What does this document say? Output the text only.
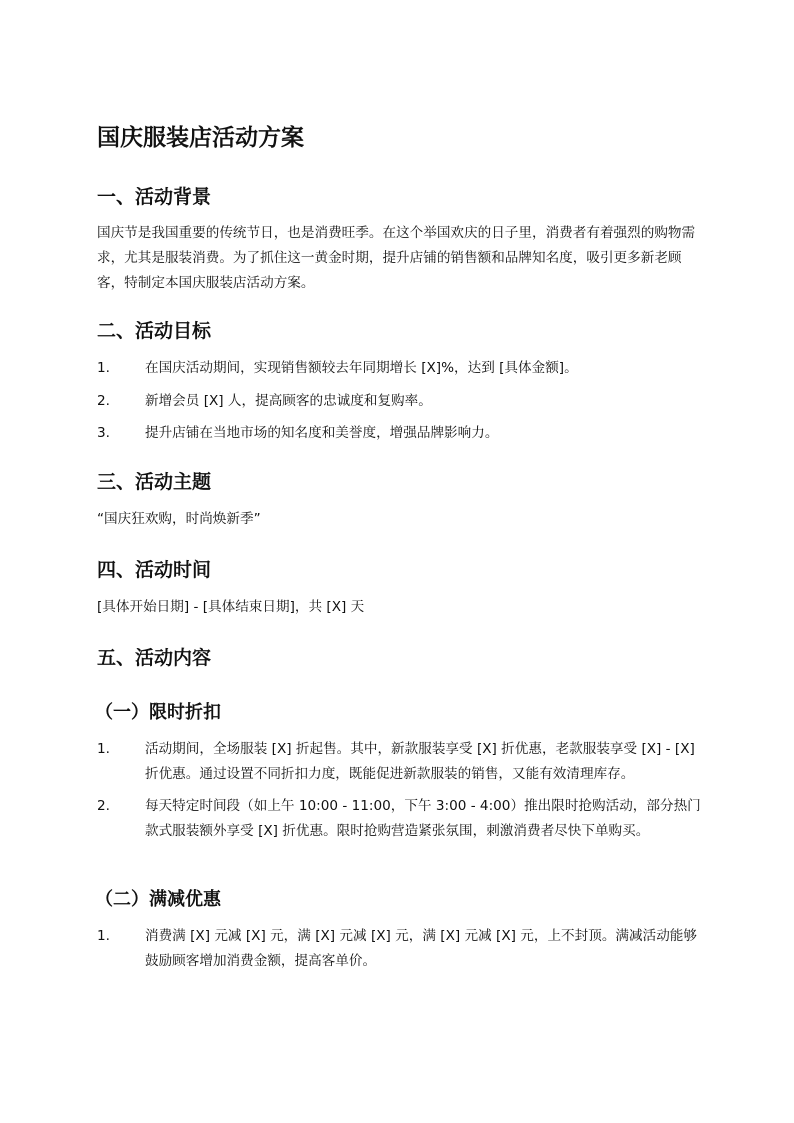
国庆服装店活动方案
一、活动背景

国庆节是我国重要的传统节日，也是消费旺季。在这个举国欢庆的日子里，消费者有着强烈的购物需求，尤其是服装消费。为了抓住这一黄金时期，提升店铺的销售额和品牌知名度，吸引更多新老顾客，特制定本国庆服装店活动方案。

二、活动目标
1.	在国庆活动期间，实现销售额较去年同期增长 [X]%，达到 [具体金额]。
2.	新增会员 [X] 人，提高顾客的忠诚度和复购率。
3.	提升店铺在当地市场的知名度和美誉度，增强品牌影响力。
三、活动主题

“国庆狂欢购，时尚焕新季”

四、活动时间

[具体开始日期] - [具体结束日期]，共 [X] 天

五、活动内容
（一）限时折扣
1.	活动期间，全场服装 [X] 折起售。其中，新款服装享受 [X] 折优惠，老款服装享受 [X] - [X] 折优惠。通过设置不同折扣力度，既能促进新款服装的销售，又能有效清理库存。
2.	每天特定时间段（如上午 10:00 - 11:00，下午 3:00 - 4:00）推出限时抢购活动，部分热门款式服装额外享受 [X] 折优惠。限时抢购营造紧张氛围，刺激消费者尽快下单购买。
（二）满减优惠
1.	消费满 [X] 元减 [X] 元，满 [X] 元减 [X] 元，满 [X] 元减 [X] 元，上不封顶。满减活动能够鼓励顾客增加消费金额，提高客单价。
